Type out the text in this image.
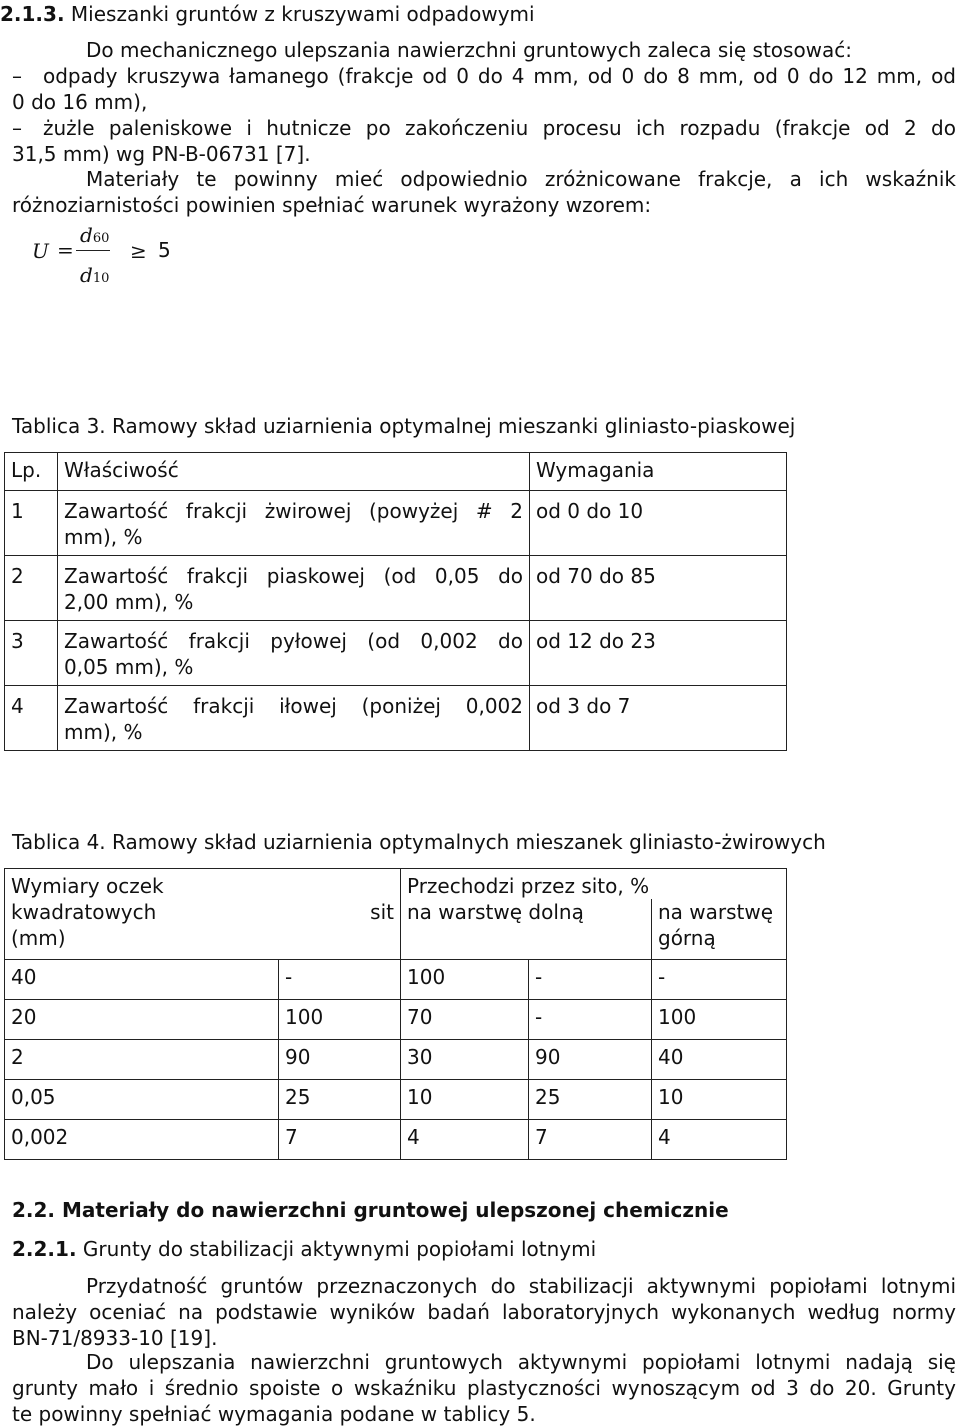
2.1.3. Mieszanki gruntów z kruszywami odpadowymi
Do mechanicznego ulepszania nawierzchni gruntowych zaleca się stosować:
– odpady kruszywa łamanego (frakcje od 0 do 4 mm, od 0 do 8 mm, od 0 do 12 mm, od
0 do 16 mm),
– żużle paleniskowe i hutnicze po zakończeniu procesu ich rozpadu (frakcje od 2 do
31,5 mm) wg PN-B-06731 [7].
Materiały te powinny mieć odpowiednio zróżnicowane frakcje, a ich wskaźnik
różnoziarnistości powinien spełniać warunek wyrażony wzorem:
U =
d60
d10
≥ 5
Tablica 3. Ramowy skład uziarnienia optymalnej mieszanki gliniasto-piaskowej
Lp.	Właściwość	Wymagania
1	Zawartość frakcji żwirowej (powyżej # 2
mm), %	od 0 do 10
2	Zawartość frakcji piaskowej (od 0,05 do
2,00 mm), %	od 70 do 85
3	Zawartość frakcji pyłowej (od 0,002 do
0,05 mm), %	od 12 do 23
4	Zawartość frakcji iłowej (poniżej 0,002
mm), %	od 3 do 7
Tablica 4. Ramowy skład uziarnienia optymalnych mieszanek gliniasto-żwirowych
Wymiary oczek
kwadratowych sit
(mm)		Przechodzi przez sito, %		
		na warstwę dolną		na warstwę górną
40	-	100	-	-
20	100	70	-	100
2	90	30	90	40
0,05	25	10	25	10
0,002	7	4	7	4
2.2. Materiały do nawierzchni gruntowej ulepszonej chemicznie
2.2.1. Grunty do stabilizacji aktywnymi popiołami lotnymi
Przydatność gruntów przeznaczonych do stabilizacji aktywnymi popiołami lotnymi
należy oceniać na podstawie wyników badań laboratoryjnych wykonanych według normy
BN-71/8933-10 [19].
Do ulepszania nawierzchni gruntowych aktywnymi popiołami lotnymi nadają się
grunty mało i średnio spoiste o wskaźniku plastyczności wynoszącym od 3 do 20. Grunty
te powinny spełniać wymagania podane w tablicy 5.
